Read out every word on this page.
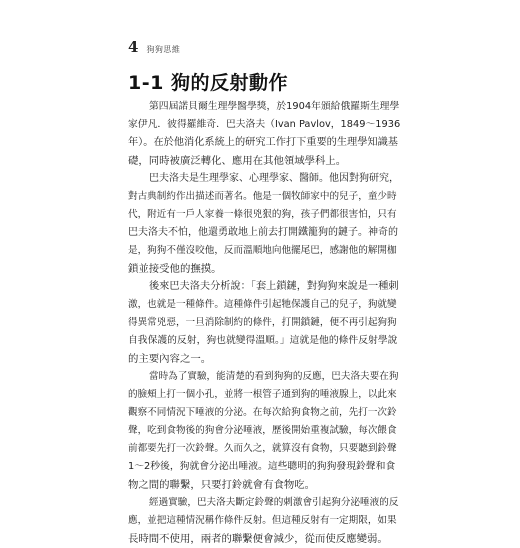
4 狗狗思維
1-1 狗的反射動作

第四屆諾貝爾生理學醫學獎，於1904年頒給俄羅斯生理學
家伊凡．彼得羅維奇．巴夫洛夫（Ivan Pavlov，1849～1936
年）。在於他消化系統上的研究工作打下重要的生理學知識基
礎，同時被廣泛轉化、應用在其他領域學科上。

巴夫洛夫是生理學家、心理學家、醫師。他因對狗研究，
對古典制約作出描述而著名。他是一個牧師家中的兒子，童少時
代，附近有一戶人家養一條很兇狠的狗，孩子們都很害怕，只有
巴夫洛夫不怕，他還勇敢地上前去打開鐵籠狗的鏈子。神奇的
是，狗狗不僅沒咬他，反而溫順地向他擺尾巴，感謝他的解開枷
鎖並接受他的撫摸。

後來巴夫洛夫分析說：「套上鎖鏈，對狗狗來說是一種刺
激，也就是一種條件。這種條件引起牠保護自己的兒子，狗就變
得異常兇惡，一旦消除制約的條件，打開鎖鏈，便不再引起狗狗
自我保護的反射，狗也就變得溫順。」這就是他的條件反射學說
的主要內容之一。

當時為了實驗，能清楚的看到狗狗的反應，巴夫洛夫要在狗
的臉頰上打一個小孔，並將一根管子通到狗的唾液腺上，以此來
觀察不同情況下唾液的分泌。在每次給狗食物之前，先打一次鈴
聲，吃到食物後的狗會分泌唾液，歷後開始重複試驗，每次餵食
前都要先打一次鈴聲。久而久之，就算沒有食物，只要聽到鈴聲
1～2秒後，狗就會分泌出唾液。這些聰明的狗狗發現鈴聲和食
物之間的聯繫，只要打鈴就會有食物吃。

經過實驗，巴夫洛夫斷定鈴聲的刺激會引起狗分泌唾液的反
應，並把這種情況稱作條件反射。但這種反射有一定期限，如果
長時間不使用，兩者的聯繫便會減少，從而使反應變弱。
